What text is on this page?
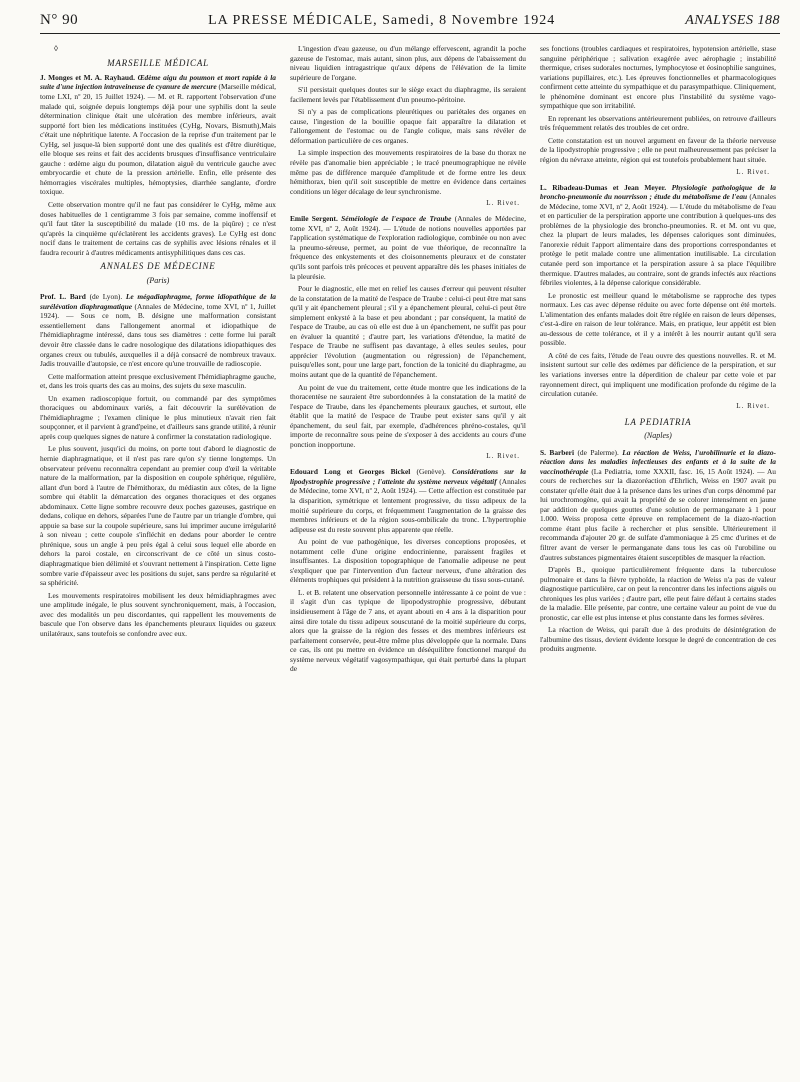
N° 90	LA PRESSE MÉDICALE, Samedi, 8 Novembre 1924	ANALYSES 188
◊
MARSEILLE MÉDICAL

J. Monges et M. A. Rayhaud. Œdème aigu du poumon et mort rapide à la suite d'une injection intraveineuse de cyanure de mercure (Marseille médical, tome LXI, nº 20, 15 Juillet 1924). — M. et R. rapportent l'observation d'une malade qui, soignée depuis longtemps déjà pour une syphilis dont la seule détermination clinique était une ulcération des membre inférieurs, avait supporté fort bien les médications instituées (CyHg, Novars, Bismuth),Mais c'était une néphritique latente. A l'occasion de la reprise d'un traitement par le CyHg, sel jusque-là bien supporté dont une des qualités est d'être diurétique, elle bloque ses reins et fait des accidents brusques d'insuffisance ventriculaire gauche : œdème aigu du poumon, dilatation aiguë du ventricule gauche avec embryocardie et chute de la pression artérielle. Enfin, elle présente des hémorragies viscérales multiples, hémoptysies, diarrhée sanglante, d'ordre toxique.

Cette observation montre qu'il ne faut pas considérer le CyHg, même aux doses habituelles de 1 centigramme 3 fois par semaine, comme inoffensif et qu'il faut tâter la susceptibilité du malade (10 ms. de la piqûre) ; ce n'est qu'après la cinquième qu'éclatèrent les accidents graves). Le CyHg est donc nocif dans le traitement de certains cas de syphilis avec lésions rénales et il faudra recourir à d'autres médicaments antisyphilitiques dans ces cas.

ANNALES DE MÉDECINE
(Paris)

Prof. L. Bard (de Lyon). Le mégadiaphragme, forme idiopathique de la surélévation diaphragmatique (Annales de Médecine, tome XVI, nº 1, Juillet 1924). — Sous ce nom, B. désigne une malformation consistant essentiellement dans l'allongement anormal et idiopathique de l'hémidiaphragme intéressé, dans tous ses diamètres : cette forme lui paraît devoir être classée dans le cadre nosologique des dilatations idiopathiques des organes creux ou tubulés, auxquelles il a déjà consacré de nombreux travaux. Jadis trouvaille d'autopsie, ce n'est encore qu'une trouvaille de radioscopie.

Cette malformation atteint presque exclusivement l'hémidiaphragme gauche, et, dans les trois quarts des cas au moins, des sujets du sexe masculin.

Un examen radioscopique fortuit, ou commandé par des symptômes thoraciques ou abdominaux variés, a fait découvrir la surélévation de l'hémidiaphragme ; l'examen clinique le plus minutieux n'avait rien fait soupçonner, et il parvient à grand'peine, et d'ailleurs sans grande utilité, à réunir après coup quelques signes de nature à confirmer la constatation radiologique.

Le plus souvent, jusqu'ici du moins, on porte tout d'abord le diagnostic de hernie diaphragmatique, et il n'est pas rare qu'on s'y tienne longtemps. Un observateur prévenu reconnaîtra cependant au premier coup d'œil la véritable nature de la malformation, par la disposition en coupole sphérique, régulière, allant d'un bord à l'autre de l'hémithorax, du médiastin aux côtes, de la ligne sombre qui établit la démarcation des organes thoraciques et des organes abdominaux. Cette ligne sombre recouvre deux poches gazeuses, gastrique en dedans, colique en dehors, séparées l'une de l'autre par un triangle d'ombre, qui appuie sa base sur la coupole supérieure, sans lui imprimer aucune irrégularité à son niveau ; cette coupole s'infléchit en dedans pour aborder le centre phrénique, sous un angle à peu près égal à celui sous lequel elle aborde en dehors la paroi costale, en circonscrivant de ce côté un sinus costo-diaphragmatique bien délimité et s'ouvrant nettement à l'inspiration. Cette ligne sombre varie d'épaisseur avec les positions du sujet, sans perdre sa régularité et sa sphéricité.

Les mouvements respiratoires mobilisent les deux hémidiaphragmes avec une amplitude inégale, le plus souvent synchroniquement, mais, à l'occasion, avec des modalités un peu discordantes, qui rappellent les mouvements de bascule que l'on observe dans les épanchements pleuraux liquides ou gazeux unilatéraux, sans toutefois se confondre avec eux.

L'ingestion d'eau gazeuse, ou d'un mélange effervescent, agrandit la poche gazeuse de l'estomac, mais autant, sinon plus, aux dépens de l'abaissement du niveau liquidien intragastrique qu'aux dépens de l'élévation de la limite supérieure de l'organe.

S'il persistait quelques doutes sur le siège exact du diaphragme, ils seraient facilement levés par l'établissement d'un pneumo-péritoine.

Si n'y a pas de complications pleurétiques ou pariétales des organes en cause, l'ingestion de la bouillie opaque fait apparaître la dilatation et l'allongement de l'estomac ou de l'angle colique, mais sans révéler de déformation particulière de ces organes.

La simple inspection des mouvements respiratoires de la base du thorax ne révèle pas d'anomalie bien appréciable ; le tracé pneumographique ne révèle même pas de différence marquée d'amplitude et de forme entre les deux hémithorax, bien qu'il soit susceptible de mettre en évidence dans certaines conditions un léger décalage de leur synchronisme.

L. Rivet.

Emile Sergent. Séméiologie de l'espace de Traube (Annales de Médecine, tome XVI, nº 2, Août 1924). — L'étude de notions nouvelles apportées par l'application systématique de l'exploration radiologique, combinée ou non avec la pneumo-séreuse, permet, au point de vue théorique, de reconnaître la fréquence des enkystements et des cloisonnements pleuraux et de constater qu'ils sont parfois très précoces et peuvent apparaître dès les phases initiales de la pleurésie.

Pour le diagnostic, elle met en relief les causes d'erreur qui peuvent résulter de la constatation de la matité de l'espace de Traube : celui-ci peut être mat sans qu'il y ait épanchement pleural ; s'il y a épanchement pleural, celui-ci peut être simplement enkysté à la base et peu abondant ; par conséquent, la matité de l'espace de Traube, au cas où elle est due à un épanchement, ne suffit pas pour en évaluer la quantité ; d'autre part, les variations d'étendue, la matité de l'espace de Traube ne suffisent pas davantage, à elles seules seules, pour apprécier l'évolution (augmentation ou régression) de l'épanchement, puisqu'elles sont, pour une large part, fonction de la tonicité du diaphragme, au moins autant que de la quantité de l'épanchement.

Au point de vue du traitement, cette étude montre que les indications de la thoracentèse ne sauraient être subordonnées à la constatation de la matité de l'espace de Traube, dans les épanchements pleuraux gauches, et surtout, elle établit que la matité de l'espace de Traube peut exister sans qu'il y ait épanchement, du seul fait, par exemple, d'adhérences phréno-costales, qu'il importe de reconnaître sous peine de s'exposer à des accidents au cours d'une ponction inopportune.

L. Rivet.

Edouard Long et Georges Bickel (Genève). Considérations sur la lipodystrophie progressive ; l'atteinte du système nerveux végétatif (Annales de Médecine, tome XVI, nº 2, Août 1924). — Cette affection est constituée par la disparition, symétrique et lentement progressive, du tissu adipeux de la moitié supérieure du corps, et fréquemment l'augmentation de la graisse des membres inférieurs et de la région sous-ombilicale du tronc. L'hypertrophie adipeuse est du reste souvent plus apparente que réelle.

Au point de vue pathogénique, les diverses conceptions proposées, et notamment celle d'une origine endocrinienne, paraissent fragiles et insuffisantes. La disposition topographique de l'anomalie adipeuse ne peut s'expliquer que par l'intervention d'un facteur nerveux, d'une altération des éléments trophiques qui président à la nutrition graisseuse du tissu sous-cutané.

L. et B. relatent une observation personnelle intéressante à ce point de vue : il s'agit d'un cas typique de lipopodystrophie progressive, débutant insidieusement à l'âge de 7 ans, et ayant abouti en 4 ans à la disparition pour ainsi dire totale du tissu adipeux souscutané de la moitié supérieure du corps, alors que la graisse de la région des fesses et des membres inférieurs est parfaitement conservée, peut-être même plus développée que la normale. Dans ce cas, ils ont pu mettre en évidence un déséquilibre fonctionnel marqué du système nerveux végétatif vagosympathique, qui était perturbé dans la plupart de

ses fonctions (troubles cardiaques et respiratoires, hypotension artérielle, stase sanguine périphérique ; salivation exagérée avec aérophagie ; instabilité thermique, crises sudorales nocturnes, lymphocytose et éosinophilie sanguines, variations pupillaires, etc.). Les épreuves fonctionnelles et pharmacologiques confirment cette atteinte du sympathique et du parasympathique. Cliniquement, le phénomène dominant est encore plus l'instabilité du système vago-sympathique que son irritabilité.

En reprenant les observations antérieurement publiées, on retrouve d'ailleurs très fréquemment relatés des troubles de cet ordre.

Cette constatation est un nouvel argument en faveur de la théorie nerveuse de la lipodystrophie progressive ; elle ne peut malheureusement pas préciser la région du névraxe atteinte, région qui est toutefois probablement haut située.

L. Rivet.

L. Ribadeau-Dumas et Jean Meyer. Physiologie pathologique de la broncho-pneumonie du nourrisson ; étude du métabolisme de l'eau (Annales de Médecine, tome XVI, nº 2, Août 1924). — L'étude du métabolisme de l'eau et en particulier de la perspiration apporte une contribution à quelques-uns des problèmes de la physiologie des broncho-pneumonies. R. et M. ont vu que, chez la plupart de leurs malades, les dépenses caloriques sont diminuées, l'anorexie réduit l'apport alimentaire dans des proportions correspondantes et protège le petit malade contre une alimentation inutilisable. La circulation cutanée perd son importance et la perspiration assure à sa place l'équilibre thermique. D'autres malades, au contraire, sont de grands infectés aux réactions fébriles violentes, à la dépense calorique considérable.

Le pronostic est meilleur quand le métabolisme se rapproche des types normaux. Les cas avec dépense réduite ou avec forte dépense ont été mortels. L'alimentation des enfants malades doit être réglée en raison de leurs dépenses, c'est-à-dire en raison de leur tolérance. Mais, en pratique, leur appétit est bien au-dessous de cette tolérance, et il y a intérêt à les nourrir autant qu'il sera possible.

A côté de ces faits, l'étude de l'eau ouvre des questions nouvelles. R. et M. insistent surtout sur celle des œdèmes par déficience de la perspiration, et sur les variations inverses entre la déperdition de chaleur par cette voie et par rayonnement direct, qui impliquent une modification profonde du régime de la circulation cutanée.

L. Rivet.
LA PEDIATRIA
(Naples)

S. Barberi (de Palerme). La réaction de Weiss, l'urobilinurie et la diazo-réaction dans les maladies infectieuses des enfants et à la suite de la vaccinothérapie (La Pediatria, tome XXXII, fasc. 16, 15 Août 1924). — Au cours de recherches sur la diazoréaction d'Ehrlich, Weiss en 1907 avait pu constater qu'elle était due à la présence dans les urines d'un corps dénommé par lui urochromogène, qui avait la propriété de se colorer intensément en jaune par addition de quelques gouttes d'une solution de permanganate à 1 pour 1.000. Weiss proposa cette épreuve en remplacement de la diazo-réaction comme étant plus facile à rechercher et plus sensible. Ultérieurement il recommanda d'ajouter 20 gr. de sulfate d'ammoniaque à 25 cmc d'urines et de filtrer avant de verser le permanganate dans tous les cas où l'urobiline ou d'autres substances pigmentaires étaient susceptibles de masquer la réaction.

D'après B., quoique particulièrement fréquente dans la tuberculose pulmonaire et dans la fièvre typhoïde, la réaction de Weiss n'a pas de valeur diagnostique particulière, car on peut la rencontrer dans les infections aiguës ou chroniques les plus variées ; d'autre part, elle peut faire défaut à certains stades de la maladie. Elle présente, par contre, une certaine valeur au point de vue du pronostic, car elle est plus intense et plus constante dans les formes sévères.

La réaction de Weiss, qui paraît due à des produits de désintégration de l'albumine des tissus, devient évidente lorsque le degré de concentration de ces produits augmente.
